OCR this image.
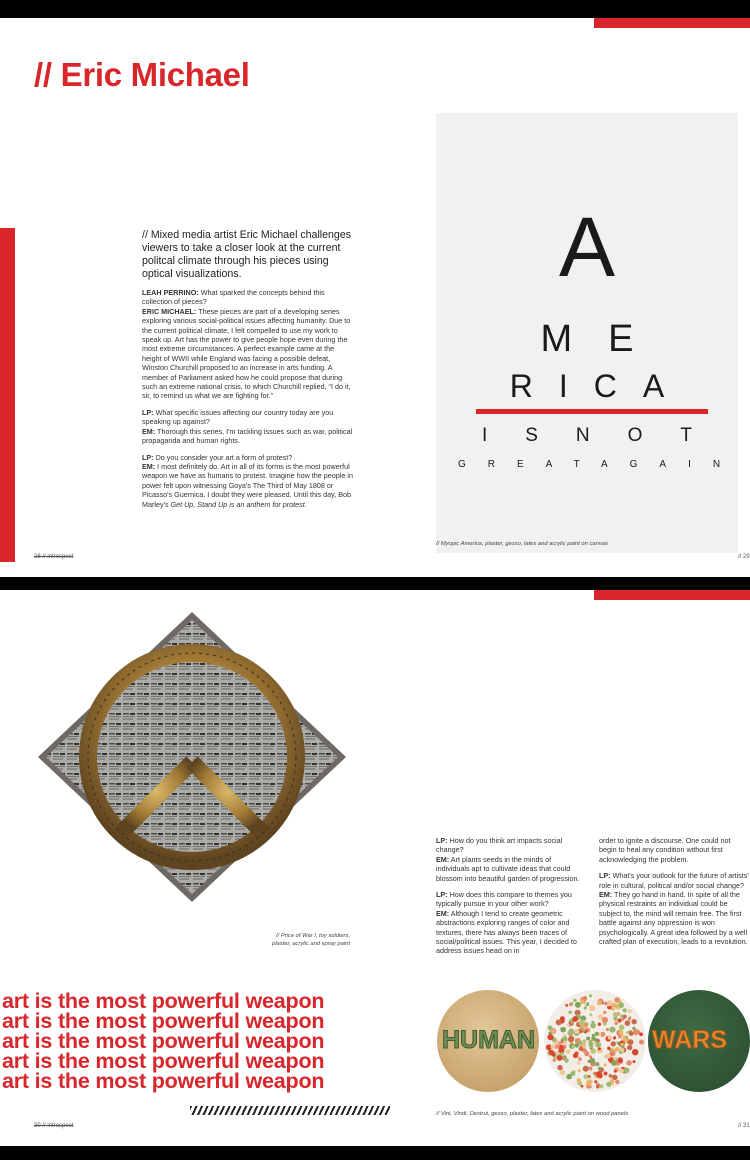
// Eric Michael
// Mixed media artist Eric Michael challenges viewers to take a closer look at the current politcal climate through his pieces using optical visualizations.

LEAH PERRINO: What sparked the concepts behind this collection of pieces?
ERIC MICHAEL: These pieces are part of a developing series exploring various social-political issues affecting humanity. Due to the current political climate, I felt compelled to use my work to speak up. Art has the power to give people hope even during the most extreme circumstances. A perfect example came at the height of WWII while England was facing a possible defeat, Winston Churchill proposed to an increase in arts funding. A member of Parliament asked how he could propose that during such an extreme national crisis, to which Churchill replied, “I do it, sir, to remind us what we are fighting for.”

LP: What specific issues affecting our country today are you speaking up against?
EM: Thorough this series, I'm tackling issues such as war, political propaganda and human rights.

LP: Do you consider your art a form of protest?
EM: I most definitely do. Art in all of its forms is the most powerful weapon we have as humans to protest. Imagine how the people in power felt upon witnessing Goya's The Third of May 1808 or Picasso's Guernica. I doubt they were pleased. Until this day, Bob Marley's Get Up, Stand Up is an anthem for protest.

28 // introspect	// 29
A
ME
RICA
ISNOT
GREATAGAIN
// Myopic America, plaster, gesso, latex and acrylic paint on canvas
// Price of War I, toy soldiers,
plaster, acrylic and spray paint
art is the most powerful weapon
art is the most powerful weapon
art is the most powerful weapon
art is the most powerful weapon
art is the most powerful weapon

LP: How do you think art impacts social change?
EM: Art plants seeds in the minds of individuals apt to cultivate ideas that could blossom into beautiful garden of progression.

LP: How does this compare to themes you typically pursue in your other work?
EM: Although I tend to create geometric abstractions exploring ranges of color and textures, there has always been traces of social/political issues. This year, I decided to address issues head on in

order to ignite a discourse. One could not begin to heal any condition without first acknowledging the problem.

LP: What's your outlook for the future of artists' role in cultural, political and/or social change?
EM: They go hand in hand. In spite of all the physical restraints an individual could be subject to, the mind will remain free. The first battle against any oppression is won psychologically. A great idea followed by a well crafted plan of execution, leads to a revolution.

HUMAN	WARS
// Vini, Vindi, Destrui, gesso, plaster, latex and acrylic paint on wood panels
30 // introspect	// 31
